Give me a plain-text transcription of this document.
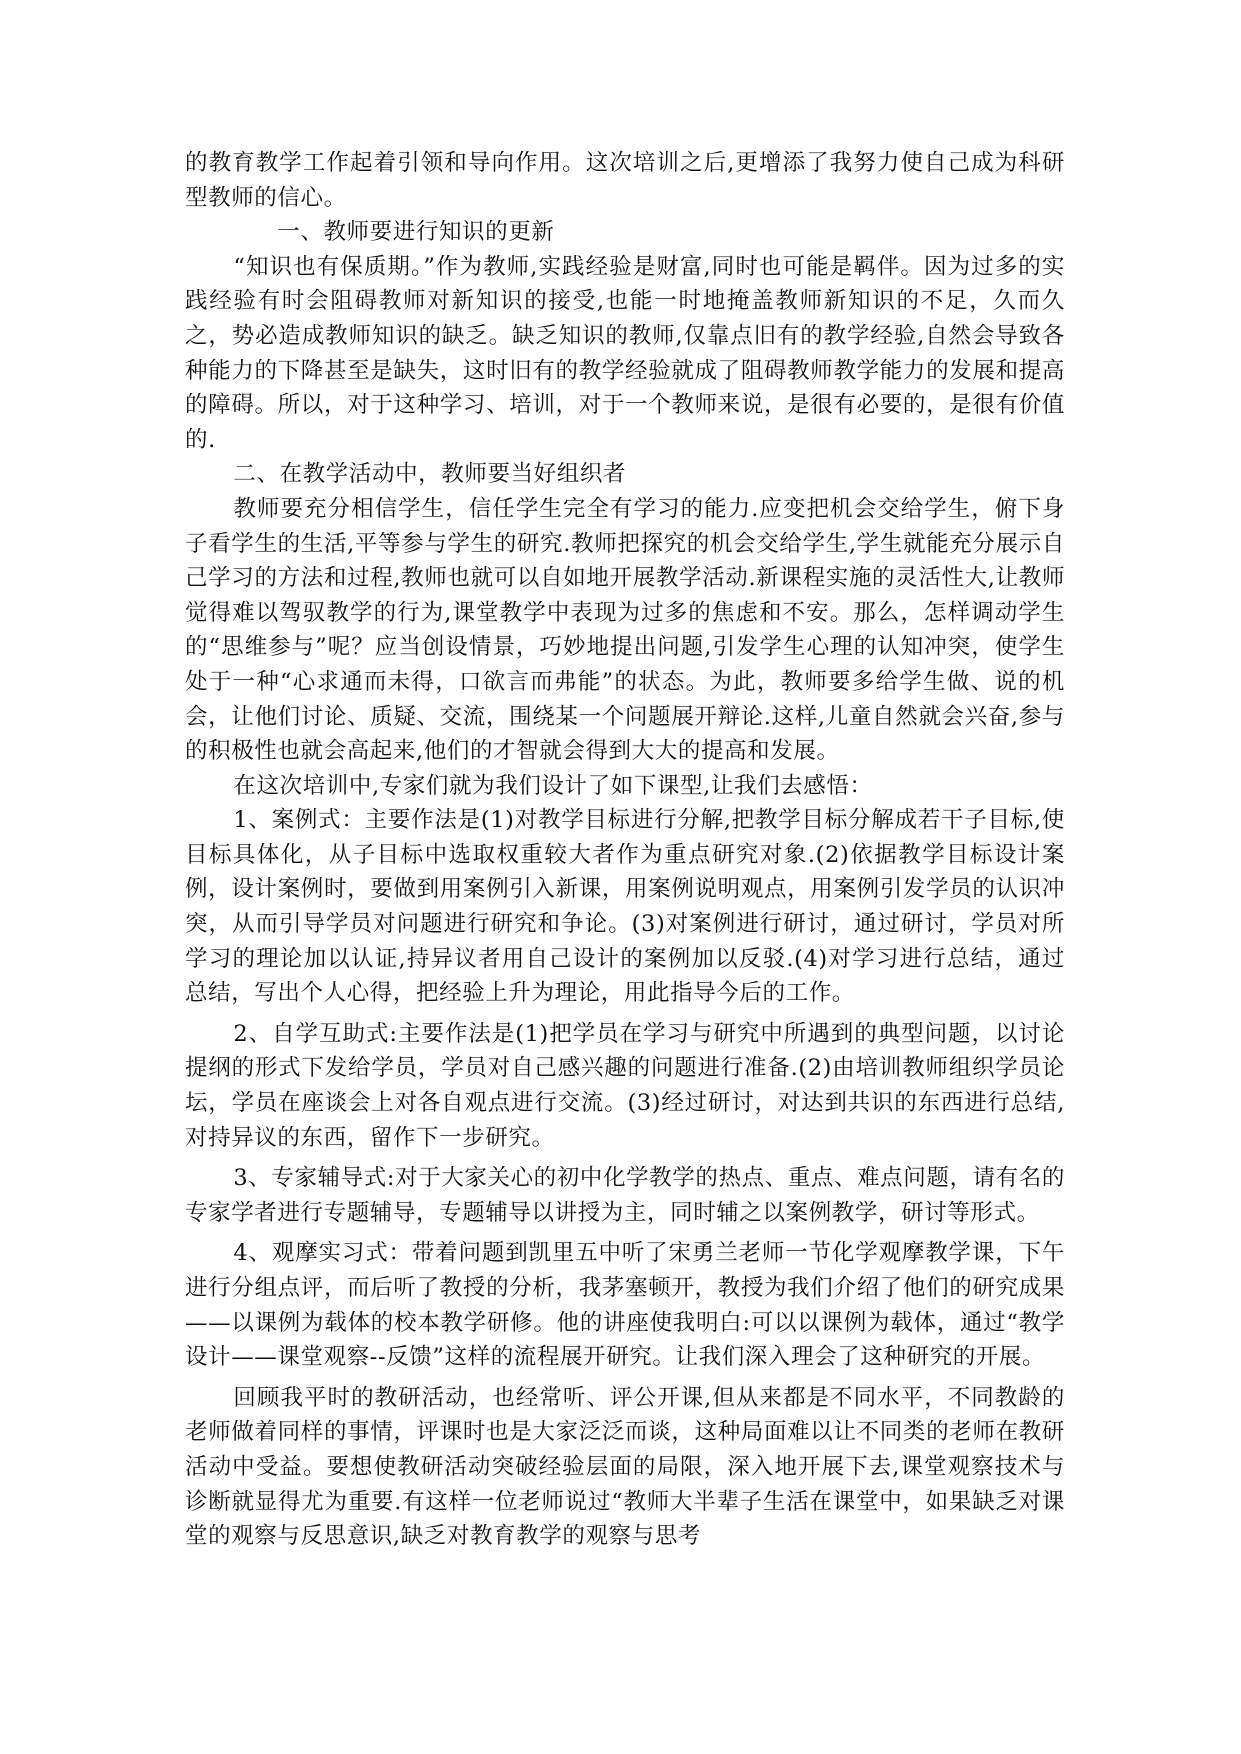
的教育教学工作起着引领和导向作用。这次培训之后,更增添了我努力使自己成为科研型教师的信心。

一、教师要进行知识的更新

“知识也有保质期。”作为教师,实践经验是财富,同时也可能是羁伴。因为过多的实践经验有时会阻碍教师对新知识的接受,也能一时地掩盖教师新知识的不足，久而久之，势必造成教师知识的缺乏。缺乏知识的教师,仅靠点旧有的教学经验,自然会导致各种能力的下降甚至是缺失，这时旧有的教学经验就成了阻碍教师教学能力的发展和提高的障碍。所以，对于这种学习、培训，对于一个教师来说，是很有必要的，是很有价值的.

二、在教学活动中，教师要当好组织者

教师要充分相信学生，信任学生完全有学习的能力.应变把机会交给学生，俯下身子看学生的生活,平等参与学生的研究.教师把探究的机会交给学生,学生就能充分展示自己学习的方法和过程,教师也就可以自如地开展教学活动.新课程实施的灵活性大,让教师觉得难以驾驭教学的行为,课堂教学中表现为过多的焦虑和不安。那么，怎样调动学生的“思维参与”呢？应当创设情景，巧妙地提出问题,引发学生心理的认知冲突，使学生处于一种“心求通而未得，口欲言而弗能”的状态。为此，教师要多给学生做、说的机会，让他们讨论、质疑、交流，围绕某一个问题展开辩论.这样,儿童自然就会兴奋,参与的积极性也就会高起来,他们的才智就会得到大大的提高和发展。

在这次培训中,专家们就为我们设计了如下课型,让我们去感悟：

1、案例式：主要作法是(1)对教学目标进行分解,把教学目标分解成若干子目标,使目标具体化，从子目标中选取权重较大者作为重点研究对象.(2)依据教学目标设计案例，设计案例时，要做到用案例引入新课，用案例说明观点，用案例引发学员的认识冲突，从而引导学员对问题进行研究和争论。(3)对案例进行研讨，通过研讨，学员对所学习的理论加以认证,持异议者用自己设计的案例加以反驳.(4)对学习进行总结，通过总结，写出个人心得，把经验上升为理论，用此指导今后的工作。

2、自学互助式:主要作法是(1)把学员在学习与研究中所遇到的典型问题，以讨论提纲的形式下发给学员，学员对自己感兴趣的问题进行准备.(2)由培训教师组织学员论坛，学员在座谈会上对各自观点进行交流。(3)经过研讨，对达到共识的东西进行总结,对持异议的东西，留作下一步研究。

3、专家辅导式:对于大家关心的初中化学教学的热点、重点、难点问题，请有名的专家学者进行专题辅导，专题辅导以讲授为主，同时辅之以案例教学，研讨等形式。

4、观摩实习式：带着问题到凯里五中听了宋勇兰老师一节化学观摩教学课，下午进行分组点评，而后听了教授的分析，我茅塞顿开，教授为我们介绍了他们的研究成果——以课例为载体的校本教学研修。他的讲座使我明白:可以以课例为载体，通过“教学设计——课堂观察--反馈”这样的流程展开研究。让我们深入理会了这种研究的开展。

回顾我平时的教研活动，也经常听、评公开课,但从来都是不同水平，不同教龄的老师做着同样的事情，评课时也是大家泛泛而谈，这种局面难以让不同类的老师在教研活动中受益。要想使教研活动突破经验层面的局限，深入地开展下去,课堂观察技术与诊断就显得尤为重要.有这样一位老师说过“教师大半辈子生活在课堂中，如果缺乏对课堂的观察与反思意识,缺乏对教育教学的观察与思考
